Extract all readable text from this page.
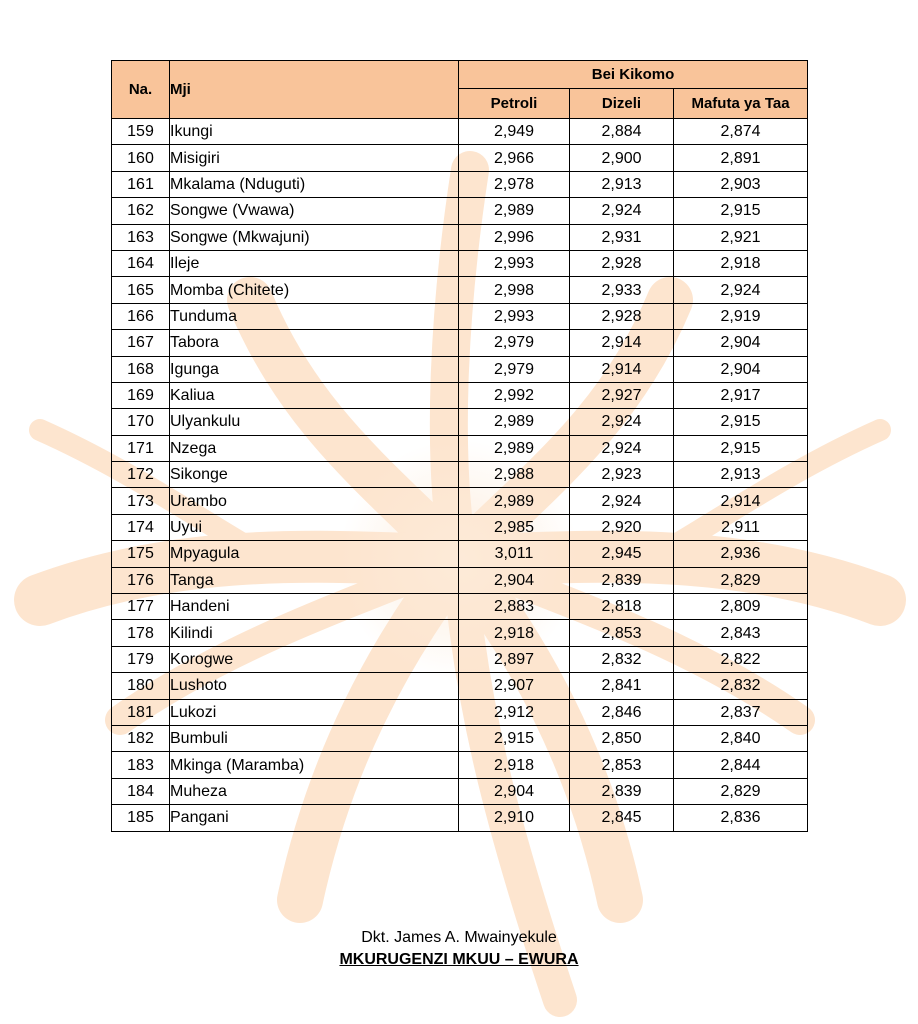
Na.	Mji	Bei Kikomo		
		Petroli	Dizeli	Mafuta ya Taa
159	Ikungi	2,949	2,884	2,874
160	Misigiri	2,966	2,900	2,891
161	Mkalama (Nduguti)	2,978	2,913	2,903
162	Songwe (Vwawa)	2,989	2,924	2,915
163	Songwe (Mkwajuni)	2,996	2,931	2,921
164	Ileje	2,993	2,928	2,918
165	Momba (Chitete)	2,998	2,933	2,924
166	Tunduma	2,993	2,928	2,919
167	Tabora	2,979	2,914	2,904
168	Igunga	2,979	2,914	2,904
169	Kaliua	2,992	2,927	2,917
170	Ulyankulu	2,989	2,924	2,915
171	Nzega	2,989	2,924	2,915
172	Sikonge	2,988	2,923	2,913
173	Urambo	2,989	2,924	2,914
174	Uyui	2,985	2,920	2,911
175	Mpyagula	3,011	2,945	2,936
176	Tanga	2,904	2,839	2,829
177	Handeni	2,883	2,818	2,809
178	Kilindi	2,918	2,853	2,843
179	Korogwe	2,897	2,832	2,822
180	Lushoto	2,907	2,841	2,832
181	Lukozi	2,912	2,846	2,837
182	Bumbuli	2,915	2,850	2,840
183	Mkinga (Maramba)	2,918	2,853	2,844
184	Muheza	2,904	2,839	2,829
185	Pangani	2,910	2,845	2,836
Dkt. James A. Mwainyekule
MKURUGENZI MKUU – EWURA
